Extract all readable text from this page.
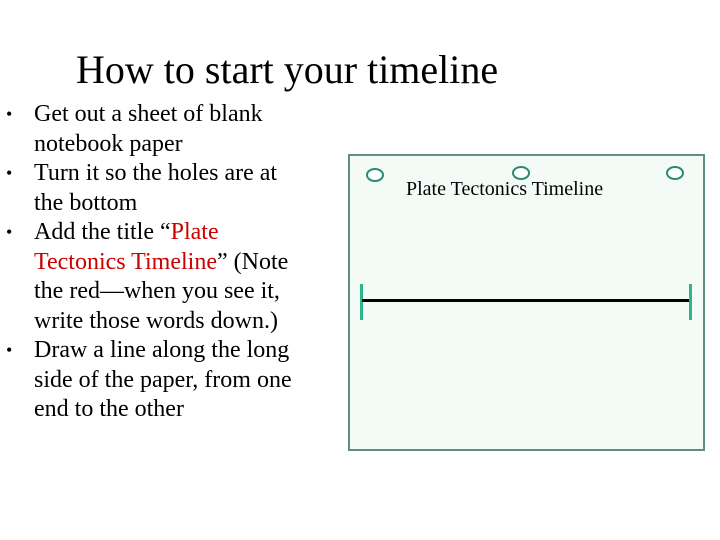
How to start your timeline
• Get out a sheet of blank notebook paper
• Turn it so the holes are at the bottom
• Add the title “Plate Tectonics Timeline” (Note the red—when you see it, write those words down.)
• Draw a line along the long side of the paper, from one end to the other
Plate Tectonics Timeline
